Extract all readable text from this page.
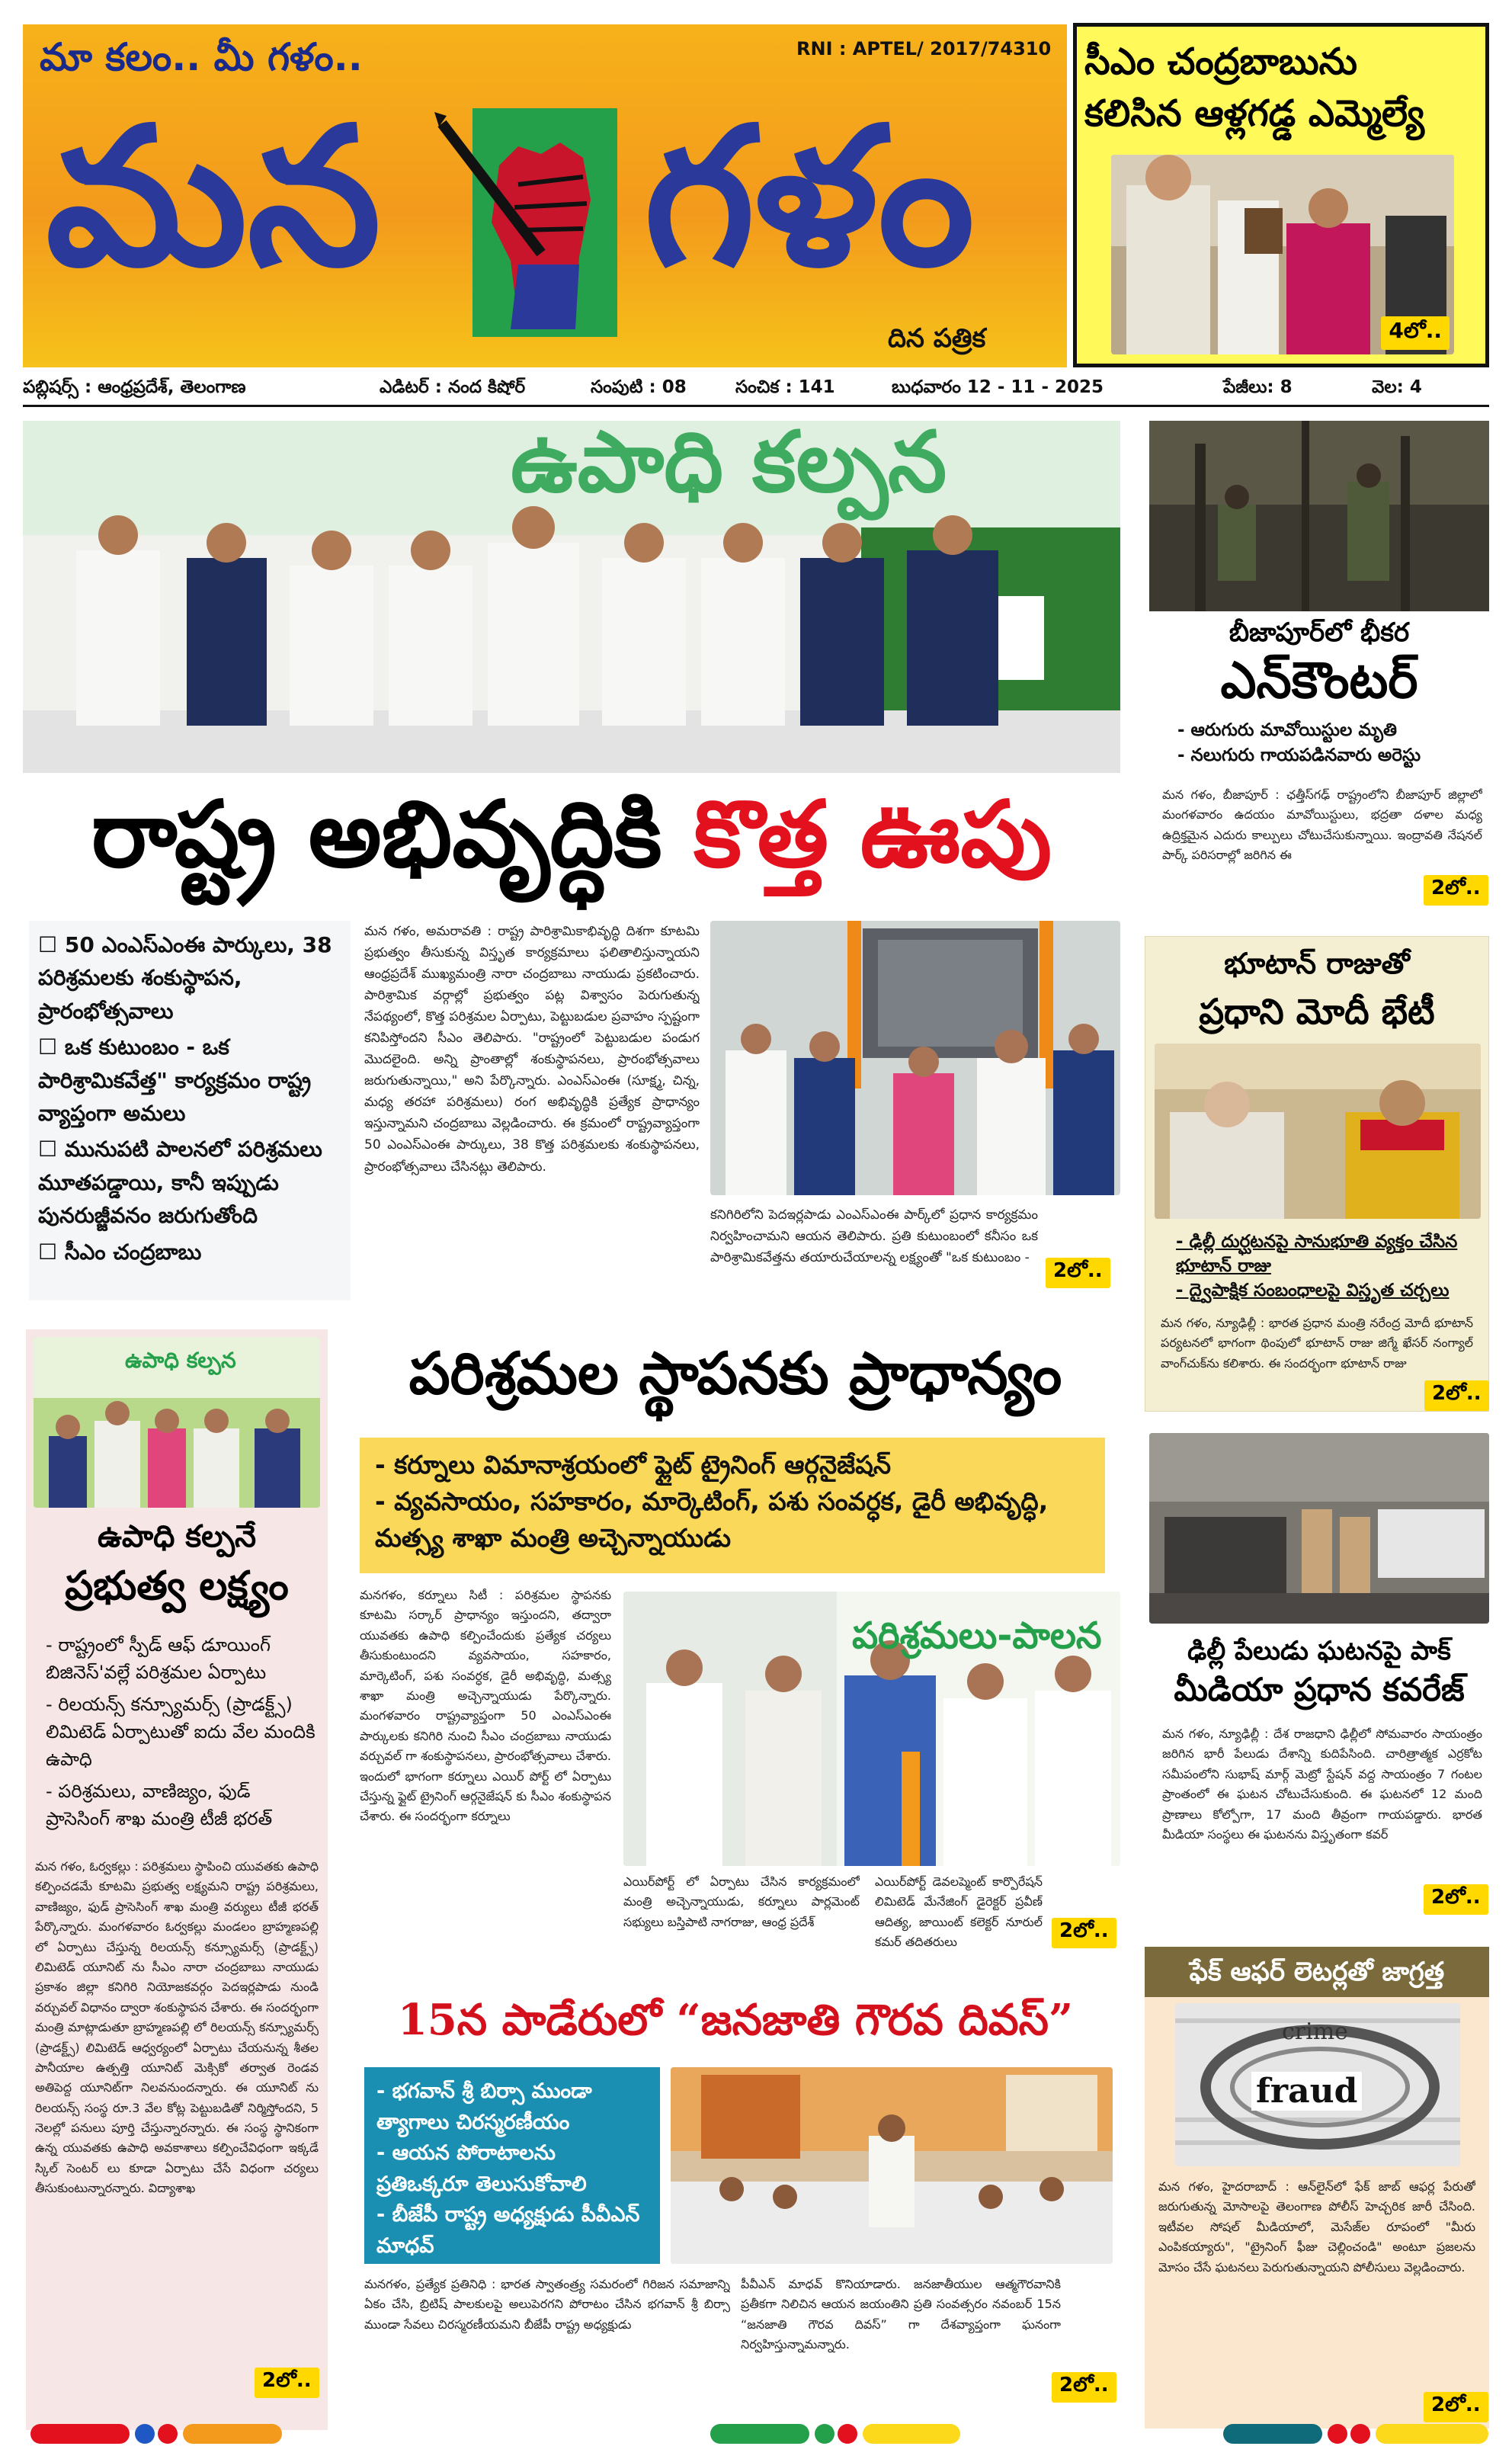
మా కలం.. మీ గళం..	RNI : APTEL/ 2017/74310
మన గళం
దిన పత్రిక
సీఎం చంద్రబాబును
కలిసిన ఆళ్లగడ్డ ఎమ్మెల్యే
4లో..
పబ్లిషర్స్ : ఆంధ్రప్రదేశ్, తెలంగాణ	ఎడిటర్ : నంద కిషోర్	సంపుటి : 08	సంచిక : 141	బుధవారం 12 - 11 - 2025	పేజీలు: 8	వెల: 4
ఉపాధి కల్పన
రాష్ట్ర అభివృద్ధికి కొత్త ఊపు
☐ 50 ఎంఎస్‌ఎంఈ పార్కులు, 38 పరిశ్రమలకు శంకుస్థాపన, ప్రారంభోత్సవాలు
☐ ఒక కుటుంబం - ఒక పారిశ్రామికవేత్త" కార్యక్రమం రాష్ట్ర వ్యాప్తంగా అమలు
☐ మునుపటి పాలనలో పరిశ్రమలు మూతపడ్డాయి, కానీ ఇప్పుడు పునరుజ్జీవనం జరుగుతోంది
☐ సీఎం చంద్రబాబు
మన గళం, అమరావతి : రాష్ట్ర పారిశ్రామికాభివృద్ధి దిశగా కూటమి ప్రభుత్వం తీసుకున్న విస్తృత కార్యక్రమాలు ఫలితాలిస్తున్నాయని ఆంధ్రప్రదేశ్ ముఖ్యమంత్రి నారా చంద్రబాబు నాయుడు ప్రకటించారు. పారిశ్రామిక వర్గాల్లో ప్రభుత్వం పట్ల విశ్వాసం పెరుగుతున్న నేపథ్యంలో, కొత్త పరిశ్రమల ఏర్పాటు, పెట్టుబడుల ప్రవాహం స్పష్టంగా కనిపిస్తోందని సీఎం తెలిపారు. "రాష్ట్రంలో పెట్టుబడుల పండుగ మొదలైంది. అన్ని ప్రాంతాల్లో శంకుస్థాపనలు, ప్రారంభోత్సవాలు జరుగుతున్నాయి," అని పేర్కొన్నారు. ఎంఎస్‌ఎంఈ (సూక్ష్మ, చిన్న, మధ్య తరహా పరిశ్రమలు) రంగ అభివృద్ధికి ప్రత్యేక ప్రాధాన్యం ఇస్తున్నామని చంద్రబాబు వెల్లడించారు. ఈ క్రమంలో రాష్ట్రవ్యాప్తంగా 50 ఎంఎస్‌ఎంఈ పార్కులు, 38 కొత్త పరిశ్రమలకు శంకుస్థాపనలు, ప్రారంభోత్సవాలు చేసినట్లు తెలిపారు.
కనిగిరిలోని పెదఇర్లపాడు ఎంఎస్‌ఎంఈ పార్క్‌లో ప్రధాన కార్యక్రమం నిర్వహించామని ఆయన తెలిపారు. ప్రతి కుటుంబంలో కనీసం ఒక పారిశ్రామికవేత్తను తయారుచేయాలన్న లక్ష్యంతో "ఒక కుటుంబం -
2లో..
బీజాపూర్‌లో భీకర
ఎన్‌కౌంటర్
- ఆరుగురు మావోయిస్టుల మృతి
- నలుగురు గాయపడినవారు అరెస్టు
మన గళం, బీజాపూర్ : ఛత్తీస్‌గఢ్ రాష్ట్రంలోని బీజాపూర్ జిల్లాలో మంగళవారం ఉదయం మావోయిస్టులు, భద్రతా దళాల మధ్య ఉద్రిక్తమైన ఎదురు కాల్పులు చోటుచేసుకున్నాయి. ఇంద్రావతి నేషనల్ పార్క్ పరిసరాల్లో జరిగిన ఈ
2లో..
భూటాన్ రాజుతో
ప్రధాని మోదీ భేటీ
- ఢిల్లీ దుర్ఘటనపై సానుభూతి వ్యక్తం చేసిన భూటాన్ రాజు
- ద్వైపాక్షిక సంబంధాలపై విస్తృత చర్చలు
మన గళం, న్యూఢిల్లీ : భారత ప్రధాన మంత్రి నరేంద్ర మోదీ భూటాన్ పర్యటనలో భాగంగా థింపులో భూటాన్ రాజు జిగ్మే ఖేసర్ నంగ్యాల్ వాంగ్‌చుక్‌ను కలిశారు. ఈ సందర్భంగా భూటాన్ రాజు
2లో..
ఢిల్లీ పేలుడు ఘటనపై పాక్
మీడియా ప్రధాన కవరేజ్
మన గళం, న్యూఢిల్లీ : దేశ రాజధాని ఢిల్లీలో సోమవారం సాయంత్రం జరిగిన భారీ పేలుడు దేశాన్ని కుదిపేసింది. చారిత్రాత్మక ఎర్రకోట సమీపంలోని సుభాష్ మార్గ్ మెట్రో స్టేషన్ వద్ద సాయంత్రం 7 గంటల ప్రాంతంలో ఈ ఘటన చోటుచేసుకుంది. ఈ ఘటనలో 12 మంది ప్రాణాలు కోల్పోగా, 17 మంది తీవ్రంగా గాయపడ్డారు. భారత మీడియా సంస్థలు ఈ ఘటనను విస్తృతంగా కవర్
2లో..
ఫేక్ ఆఫర్ లెటర్లతో జాగ్రత్త
crime
fraud
మన గళం, హైదరాబాద్ : ఆన్‌లైన్‌లో ఫేక్ జాబ్ ఆఫర్ల పేరుతో జరుగుతున్న మోసాలపై తెలంగాణ పోలీస్ హెచ్చరిక జారీ చేసింది. ఇటీవల సోషల్ మీడియాలో, మెసేజ్‌ల రూపంలో "మీరు ఎంపికయ్యారు", "ట్రైనింగ్ ఫీజు చెల్లించండి" అంటూ ప్రజలను మోసం చేసే ఘటనలు పెరుగుతున్నాయని పోలీసులు వెల్లడించారు.
2లో..
ఉపాధి కల్పన
ఉపాధి కల్పనే
ప్రభుత్వ లక్ష్యం
- రాష్ట్రంలో స్పీడ్ ఆఫ్ డూయింగ్ బిజినెస్‌'వల్లే పరిశ్రమల ఏర్పాటు
- రిలయన్స్ కన్స్యూమర్స్ (ప్రాడక్ట్స్) లిమిటెడ్ ఏర్పాటుతో ఐదు వేల మందికి ఉపాధి
- పరిశ్రమలు, వాణిజ్యం, ఫుడ్ ప్రాసెసింగ్ శాఖ మంత్రి టీజీ భరత్
మన గళం, ఓర్వకల్లు : పరిశ్రమలు స్థాపించి యువతకు ఉపాధి కల్పించడమే కూటమి ప్రభుత్వ లక్ష్యమని రాష్ట్ర పరిశ్రమలు, వాణిజ్యం, ఫుడ్ ప్రాసెసింగ్ శాఖ మంత్రి వర్యులు టీజీ భరత్ పేర్కొన్నారు. మంగళవారం ఓర్వకల్లు మండలం బ్రాహ్మణపల్లి లో ఏర్పాటు చేస్తున్న రిలయన్స్ కన్స్యూమర్స్ (ప్రాడక్ట్స్) లిమిటెడ్ యూనిట్ ను సీఎం నారా చంద్రబాబు నాయుడు ప్రకాశం జిల్లా కనిగిరి నియోజకవర్గం పెదఇర్లపాడు నుండి వర్చువల్ విధానం ద్వారా శంకుస్థాపన చేశారు. ఈ సందర్భంగా మంత్రి మాట్లాడుతూ బ్రాహ్మణపల్లి లో రిలయన్స్ కన్స్యూమర్స్ (ప్రాడక్ట్స్) లిమిటెడ్ ఆధ్వర్యంలో ఏర్పాటు చేయనున్న శీతల పానీయాల ఉత్పత్తి యూనిట్ మెక్సికో తర్వాత రెండవ అతిపెద్ద యూనిట్‌గా నిలవనుందన్నారు. ఈ యూనిట్ ను రిలయన్స్ సంస్థ రూ.3 వేల కోట్ల పెట్టుబడితో నిర్మిస్తోందని, 5 నెలల్లో పనులు పూర్తి చేస్తున్నారన్నారు. ఈ సంస్థ స్థానికంగా ఉన్న యువతకు ఉపాధి అవకాశాలు కల్పించేవిధంగా ఇక్కడే స్కిల్ సెంటర్ లు కూడా ఏర్పాటు చేసే విధంగా చర్యలు తీసుకుంటున్నారన్నారు. విద్యాశాఖ
2లో..
పరిశ్రమల స్థాపనకు ప్రాధాన్యం
- కర్నూలు విమానాశ్రయంలో ఫ్లైట్ ట్రైనింగ్ ఆర్గనైజేషన్
- వ్యవసాయం, సహకారం, మార్కెటింగ్, పశు సంవర్ధక, డైరీ అభివృద్ధి, మత్స్య శాఖా మంత్రి అచ్చెన్నాయుడు
మనగళం, కర్నూలు సిటీ : పరిశ్రమల స్థాపనకు కూటమి సర్కార్ ప్రాధాన్యం ఇస్తుందని, తద్వారా యువతకు ఉపాధి కల్పించేందుకు ప్రత్యేక చర్యలు తీసుకుంటుందని వ్యవసాయం, సహకారం, మార్కెటింగ్, పశు సంవర్ధక, డైరీ అభివృద్ధి, మత్స్య శాఖా మంత్రి అచ్చెన్నాయుడు పేర్కొన్నారు. మంగళవారం రాష్ట్రవ్యాప్తంగా 50 ఎంఎస్‌ఎంఈ పార్కులకు కనిగిరి నుంచి సీఎం చంద్రబాబు నాయుడు వర్చువల్ గా శంకుస్థాపనలు, ప్రారంభోత్సవాలు చేశారు. ఇందులో భాగంగా కర్నూలు ఎయిర్ పోర్ట్ లో ఏర్పాటు చేస్తున్న ఫ్లైట్ ట్రైనింగ్ ఆర్గనైజేషన్ కు సీఎం శంకుస్థాపన చేశారు. ఈ సందర్భంగా కర్నూలు
పరిశ్రమలు-పాలన
ఎయిర్‌పోర్ట్ లో ఏర్పాటు చేసిన కార్యక్రమంలో మంత్రి అచ్చెన్నాయుడు, కర్నూలు పార్లమెంట్ సభ్యులు బస్తిపాటి నాగరాజు, ఆంధ్ర ప్రదేశ్
ఎయిర్‌పోర్ట్ డెవలప్మెంట్ కార్పొరేషన్ లిమిటెడ్ మేనేజింగ్ డైరెక్టర్ ప్రవీణ్ ఆదిత్య, జాయింట్ కలెక్టర్ నూరుల్ కమర్ తదితరులు	2లో..
15న పాడేరులో “జనజాతి గౌరవ దివస్”
- భగవాన్ శ్రీ బిర్సా ముండా త్యాగాలు చిరస్మరణీయం
- ఆయన పోరాటాలను ప్రతిఒక్కరూ తెలుసుకోవాలి
- బీజేపీ రాష్ట్ర అధ్యక్షుడు పీవీఎన్ మాధవ్
మనగళం, ప్రత్యేక ప్రతినిధి : భారత స్వాతంత్ర్య సమరంలో గిరిజన సమాజాన్ని ఏకం చేసి, బ్రిటిష్ పాలకులపై అలుపెరగని పోరాటం చేసిన భగవాన్ శ్రీ బిర్సా ముండా సేవలు చిరస్మరణీయమని బీజేపీ రాష్ట్ర అధ్యక్షుడు
పీవీఎన్ మాధవ్ కొనియాడారు. జనజాతీయుల ఆత్మగౌరవానికి ప్రతీకగా నిలిచిన ఆయన జయంతిని ప్రతి సంవత్సరం నవంబర్ 15న “జనజాతి గౌరవ దివస్” గా దేశవ్యాప్తంగా ఘనంగా నిర్వహిస్తున్నామన్నారు.
2లో..
